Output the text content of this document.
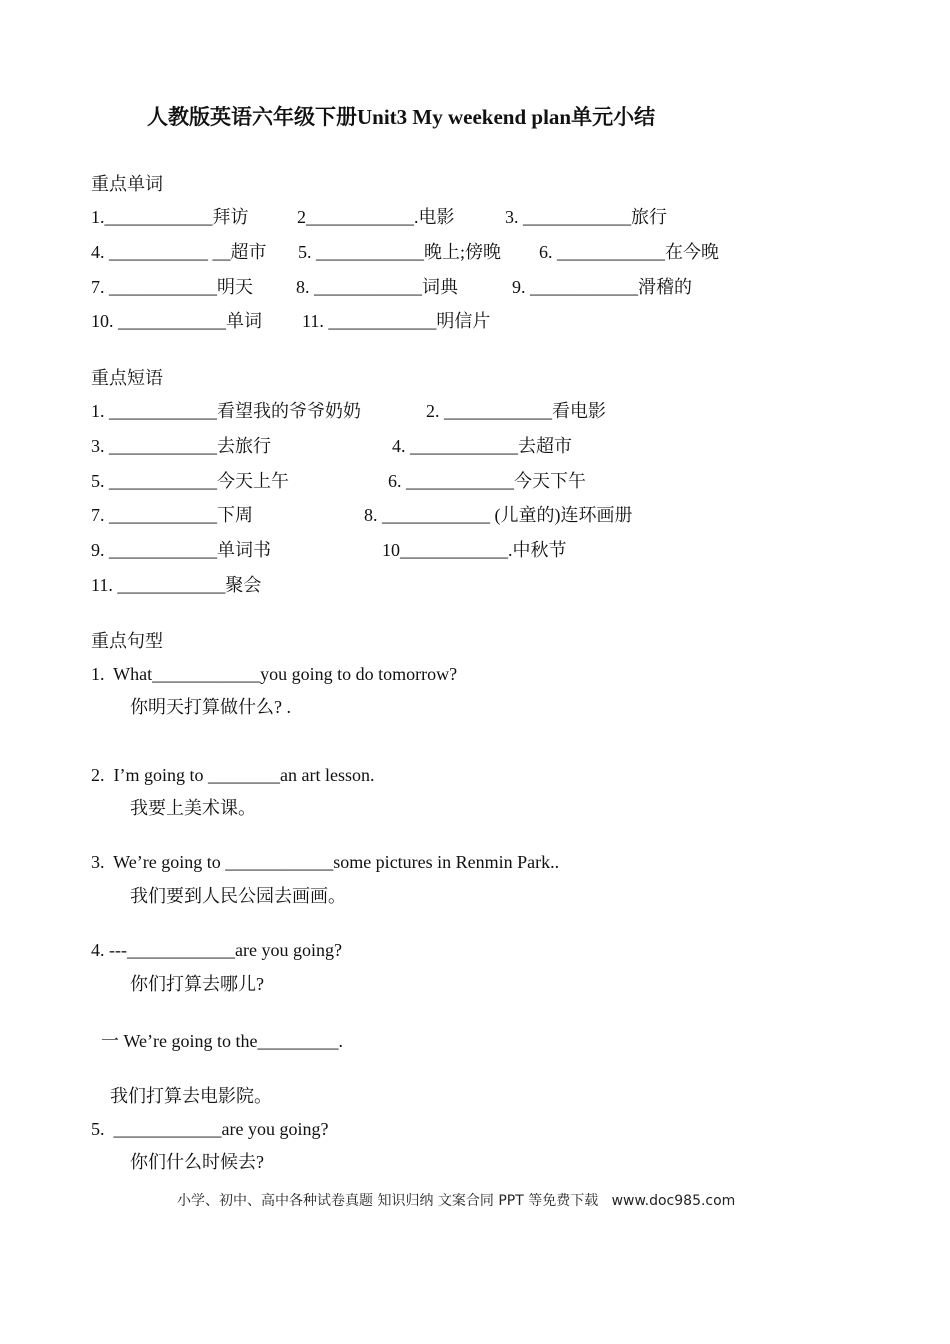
人教版英语六年级下册Unit3 My weekend plan单元小结
重点单词
1.____________拜访	2____________.电影	3. ____________旅行
4. ___________ __超市 5. ____________晚上;傍晚 6. ____________在今晚
7. ____________明天 8. ____________词典	9. ____________滑稽的
10. ____________单词 11. ____________明信片
重点短语
1. ____________看望我的爷爷奶奶	2. ____________看电影
3. ____________去旅行	4. ____________去超市
5. ____________今天上午	6. ____________今天下午
7. ____________下周	8. ____________ (儿童的)连环画册
9. ____________单词书	10____________.中秋节
11. ____________聚会
重点句型
1.  What____________you going to do tomorrow?
你明天打算做什么? .
2.  I’m going to ________an art lesson.
我要上美术课。
3.  We’re going to ____________some pictures in Renmin Park..
我们要到人民公园去画画。
4. ---____________are you going?
你们打算去哪儿?
一 We’re going to the_________.
我们打算去电影院。
5.  ____________are you going?
你们什么时候去?
小学、初中、高中各种试卷真题 知识归纳 文案合同 PPT 等免费下载   www.doc985.com
